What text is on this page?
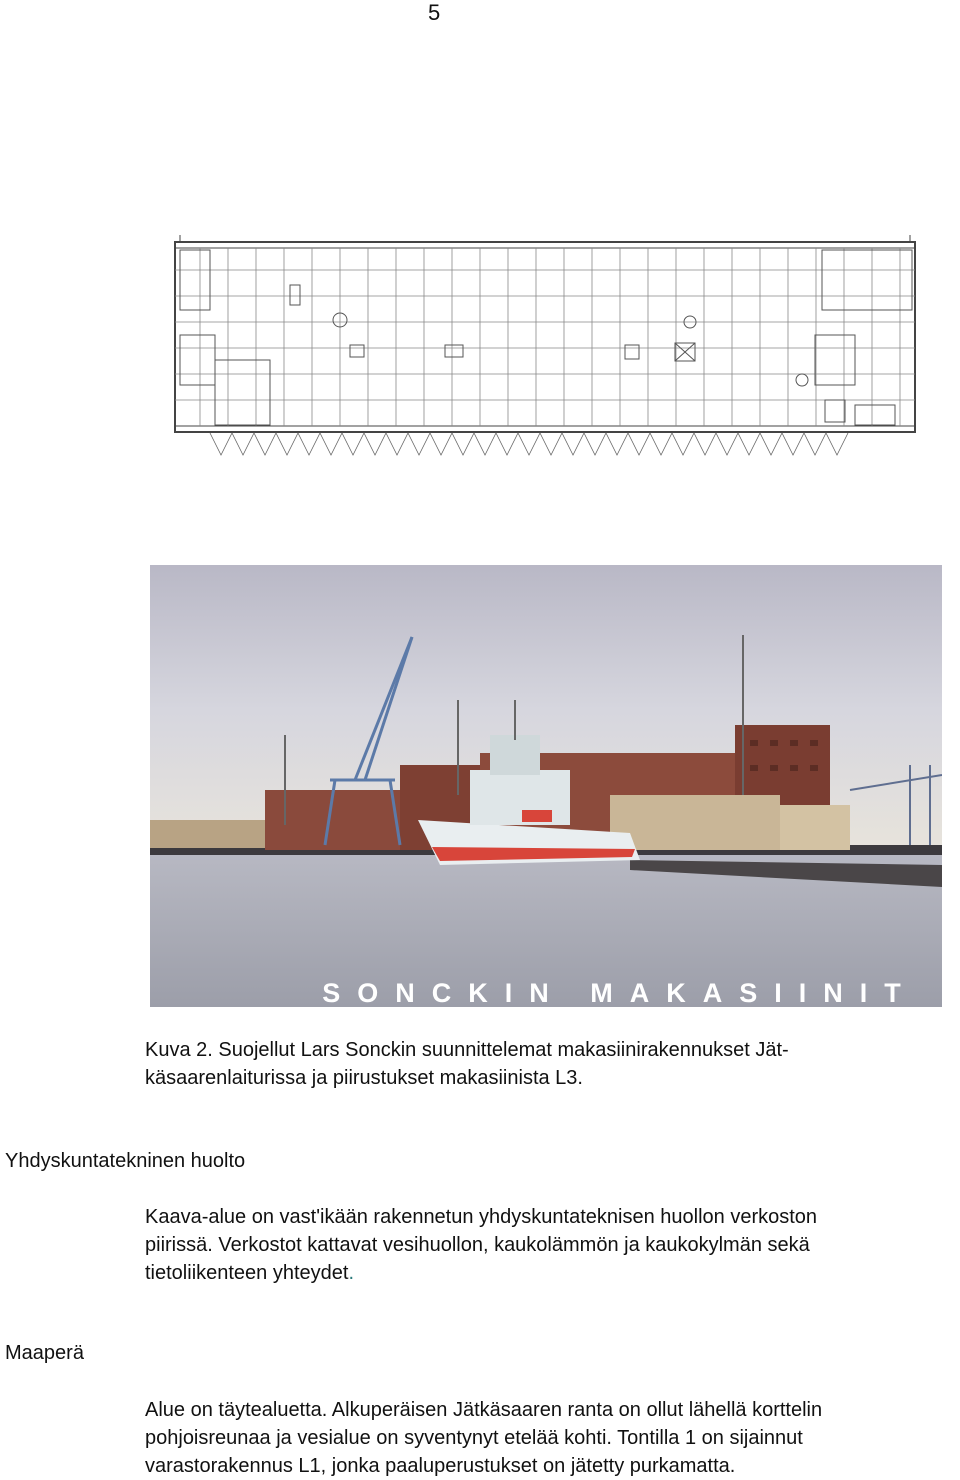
5
SONCKIN MAKASIINIT

Kuva 2. Suojellut Lars Sonckin suunnittelemat makasiinirakennukset Jät-
käsaarenlaiturissa ja piirustukset makasiinista L3.

Yhdyskuntatekninen huolto

Kaava-alue on vast'ikään rakennetun yhdyskuntateknisen huollon verkoston
piirissä. Verkostot kattavat vesihuollon, kaukolämmön ja kaukokylmän sekä
tietoliikenteen yhteydet.

Maaperä

Alue on täytealuetta. Alkuperäisen Jätkäsaaren ranta on ollut lähellä korttelin
pohjoisreunaa ja vesialue on syventynyt etelää kohti. Tontilla 1 on sijainnut
varastorakennus L1, jonka paaluperustukset on jätetty purkamatta.
